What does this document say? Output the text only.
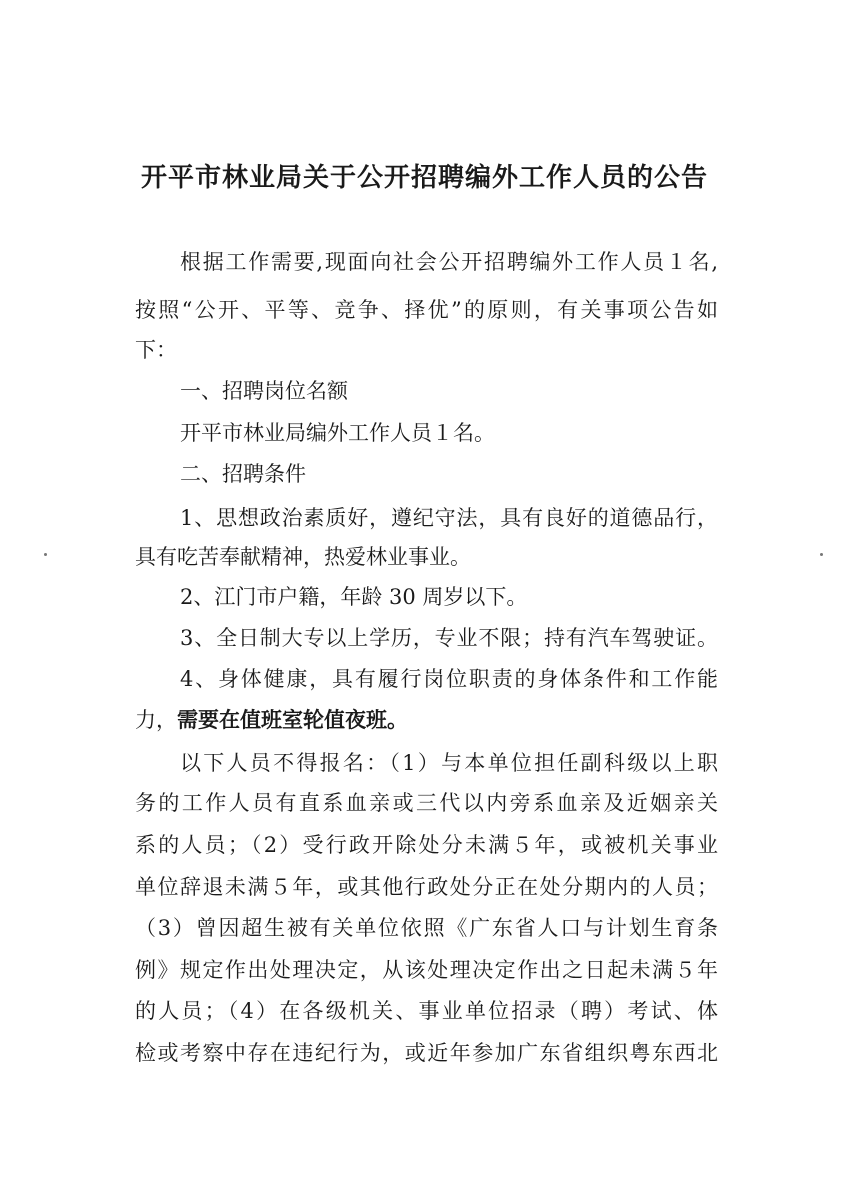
开平市林业局关于公开招聘编外工作人员的公告

根据工作需要,现面向社会公开招聘编外工作人员１名,

按照“公开、平等、竞争、择优”的原则，有关事项公告如

下：

一、招聘岗位名额

开平市林业局编外工作人员１名。

二、招聘条件

1、思想政治素质好，遵纪守法，具有良好的道德品行，

具有吃苦奉献精神，热爱林业事业。

2、江门市户籍，年龄 30 周岁以下。

3、全日制大专以上学历，专业不限；持有汽车驾驶证。

4、身体健康，具有履行岗位职责的身体条件和工作能

力，需要在值班室轮值夜班。

以下人员不得报名：（1）与本单位担任副科级以上职

务的工作人员有直系血亲或三代以内旁系血亲及近姻亲关

系的人员；（2）受行政开除处分未满５年，或被机关事业

单位辞退未满５年，或其他行政处分正在处分期内的人员；

（3）曾因超生被有关单位依照《广东省人口与计划生育条

例》规定作出处理决定，从该处理决定作出之日起未满５年

的人员；（4）在各级机关、事业单位招录（聘）考试、体

检或考察中存在违纪行为，或近年参加广东省组织粤东西北
